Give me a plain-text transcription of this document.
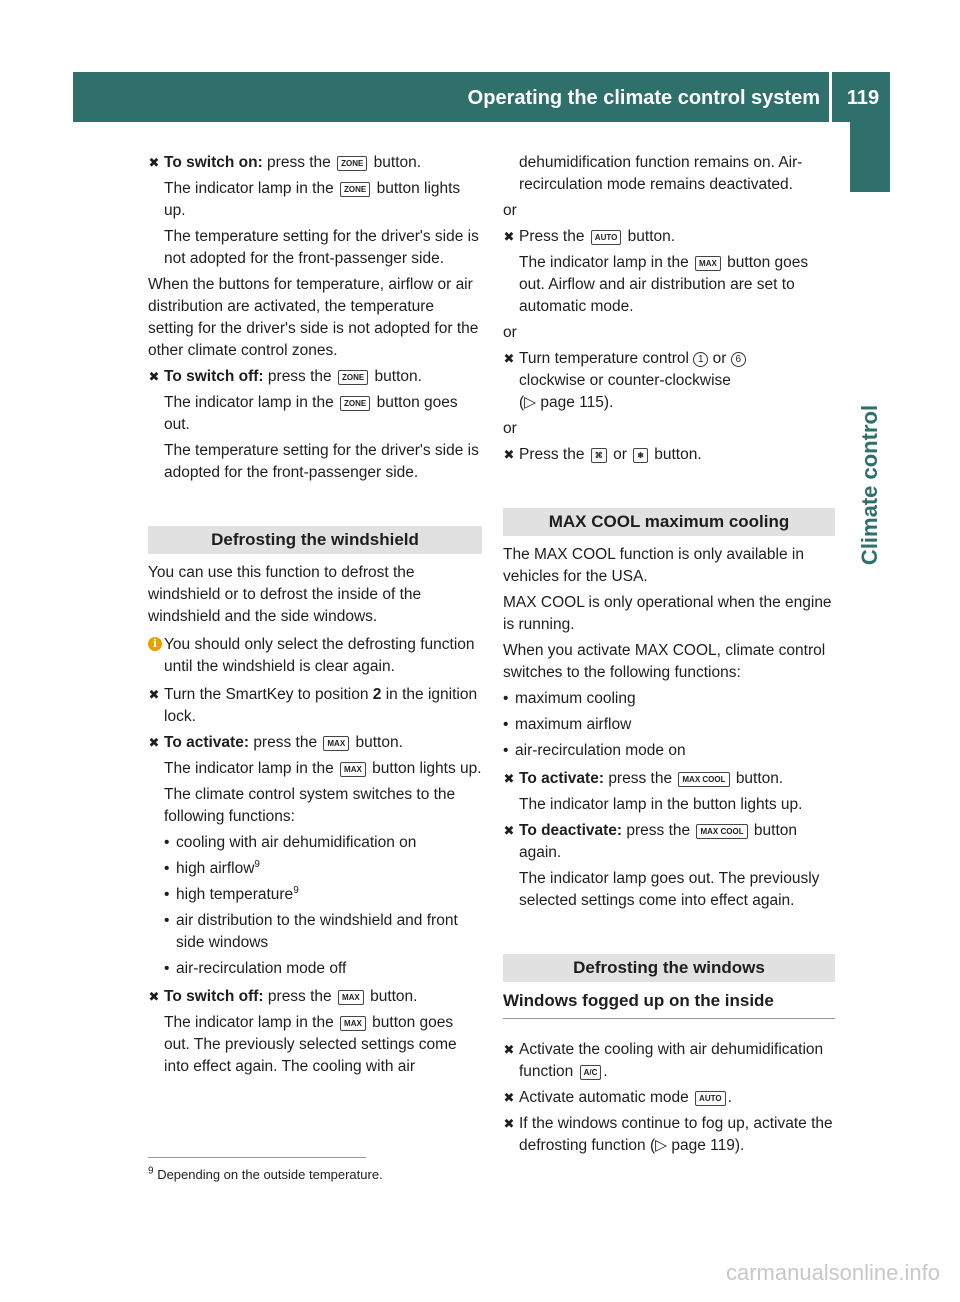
Operating the climate control system	119
Climate control
✖ To switch on: press the ZONE button.
The indicator lamp in the ZONE button lights up.
The temperature setting for the driver's side is not adopted for the front-passenger side.
When the buttons for temperature, airflow or air distribution are activated, the temperature setting for the driver's side is not adopted for the other climate control zones.
✖ To switch off: press the ZONE button.
The indicator lamp in the ZONE button goes out.
The temperature setting for the driver's side is adopted for the front-passenger side.
Defrosting the windshield
You can use this function to defrost the windshield or to defrost the inside of the windshield and the side windows.
i You should only select the defrosting function until the windshield is clear again.
✖ Turn the SmartKey to position 2 in the ignition lock.
✖ To activate: press the MAX button.
The indicator lamp in the MAX button lights up.
The climate control system switches to the following functions:
• cooling with air dehumidification on
• high airflow$^9$
• high temperature$^9$
• air distribution to the windshield and front side windows
• air-recirculation mode off
✖ To switch off: press the MAX button.
The indicator lamp in the MAX button goes out. The previously selected settings come into effect again. The cooling with air
dehumidification function remains on. Air-recirculation mode remains deactivated.
or
✖ Press the AUTO button.
The indicator lamp in the MAX button goes out. Airflow and air distribution are set to automatic mode.
or
✖ Turn temperature control 1 or 6
clockwise or counter-clockwise
(▷ page 115).
or
✖ Press the ⌘ or ❄ button.
MAX COOL maximum cooling
The MAX COOL function is only available in vehicles for the USA.
MAX COOL is only operational when the engine is running.
When you activate MAX COOL, climate control switches to the following functions:
• maximum cooling
• maximum airflow
• air-recirculation mode on
✖ To activate: press the MAX COOL button.
The indicator lamp in the button lights up.
✖ To deactivate: press the MAX COOL button again.
The indicator lamp goes out. The previously selected settings come into effect again.
Defrosting the windows
Windows fogged up on the inside
✖ Activate the cooling with air dehumidification function A/C .
✖ Activate automatic mode AUTO .
✖ If the windows continue to fog up, activate the defrosting function (▷ page 119).
$^9$ Depending on the outside temperature.
carmanualsonline.info
